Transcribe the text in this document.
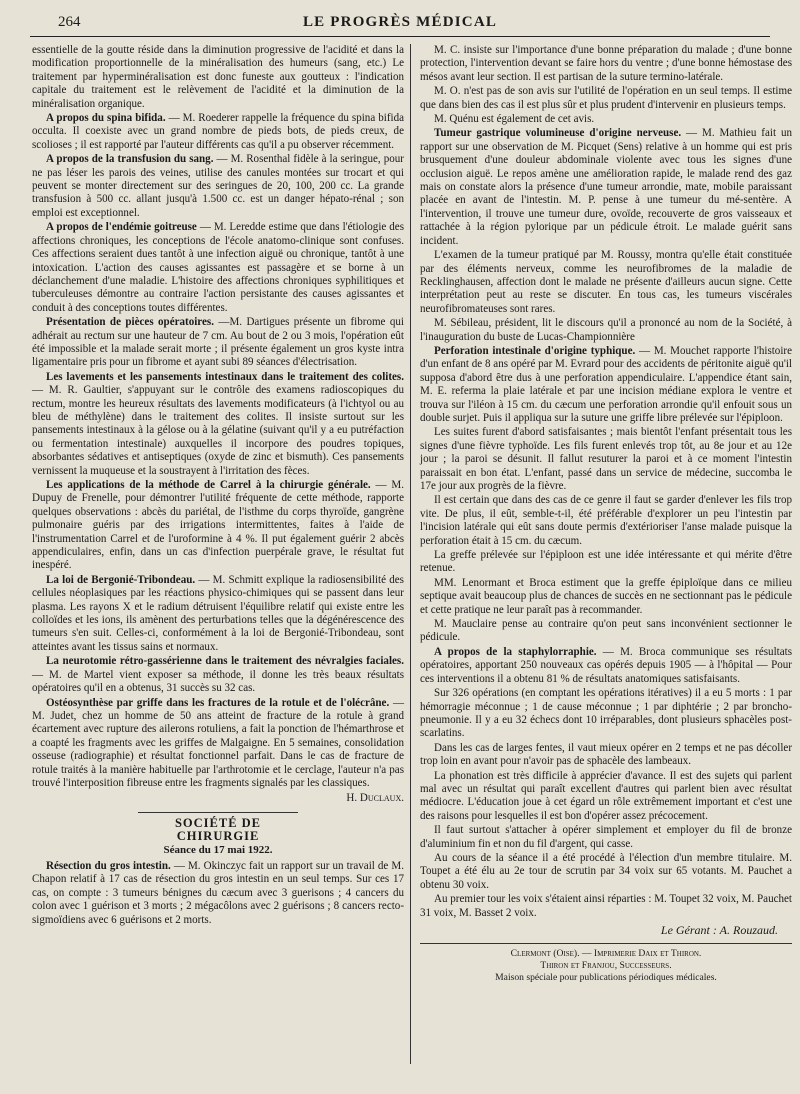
264	LE PROGRÈS MÉDICAL

essentielle de la goutte réside dans la diminution progressive de l'acidité et dans la modification proportionnelle de la minéralisation des humeurs (sang, etc.) Le traitement par hyperminéralisation est donc funeste aux goutteux : l'indication capitale du traitement est le relèvement de l'acidité et la diminution de la minéralisation organique.

A propos du spina bifida. — M. Roederer rappelle la fréquence du spina bifida occulta. Il coexiste avec un grand nombre de pieds bots, de pieds creux, de scolioses ; il est rapporté par l'auteur différents cas qu'il a pu observer récemment.

A propos de la transfusion du sang. — M. Rosenthal fidèle à la seringue, pour ne pas léser les parois des veines, utilise des canules montées sur trocart et qui peuvent se monter directement sur des seringues de 20, 100, 200 cc. La grande transfusion à 500 cc. allant jusqu'à 1.500 cc. est un danger hépato-rénal ; son emploi est exceptionnel.

A propos de l'endémie goitreuse — M. Leredde estime que dans l'étiologie des affections chroniques, les conceptions de l'école anatomo-clinique sont confuses. Ces affections seraient dues tantôt à une infection aiguë ou chronique, tantôt à une intoxication. L'action des causes agissantes est passagère et se borne à un déclanchement d'une maladie. L'histoire des affections chroniques syphilitiques et tuberculeuses démontre au contraire l'action persistante des causes agissantes et conduit à des conceptions toutes différentes.

Présentation de pièces opératoires. —M. Dartigues présente un fibrome qui adhérait au rectum sur une hauteur de 7 cm. Au bout de 2 ou 3 mois, l'opération eût été impossible et la malade serait morte ; il présente également un gros kyste intra ligamentaire pris pour un fibrome et ayant subi 89 séances d'électrisation.

Les lavements et les pansements intestinaux dans le traitement des colites. — M. R. Gaultier, s'appuyant sur le contrôle des examens radioscopiques du rectum, montre les heureux résultats des lavements modificateurs (à l'ichtyol ou au bleu de méthylène) dans le traitement des colites. Il insiste surtout sur les pansements intestinaux à la gélose ou à la gélatine (suivant qu'il y a eu putréfaction ou fermentation intestinale) auxquelles il incorpore des poudres topiques, absorbantes sédatives et antiseptiques (oxyde de zinc et bismuth). Ces pansements vernissent la muqueuse et la soustrayent à l'irritation des fèces.

Les applications de la méthode de Carrel à la chirurgie générale. — M. Dupuy de Frenelle, pour démontrer l'utilité fréquente de cette méthode, rapporte quelques observations : abcès du pariétal, de l'isthme du corps thyroïde, gangrène pulmonaire guéris par des irrigations intermittentes, faites à l'aide de l'instrumentation Carrel et de l'uroformine à 4 %. Il put également guérir 2 abcès appendiculaires, enfin, dans un cas d'infection puerpérale grave, le résultat fut inespéré.

La loi de Bergonié-Tribondeau. — M. Schmitt explique la radiosensibilité des cellules néoplasiques par les réactions physico-chimiques qui se passent dans leur plasma. Les rayons X et le radium détruisent l'équilibre relatif qui existe entre les colloïdes et les ions, ils amènent des perturbations telles que la dégénérescence des tumeurs s'en suit. Celles-ci, conformément à la loi de Bergonié-Tribondeau, sont atteintes avant les tissus sains et normaux.

La neurotomie rétro-gassérienne dans le traitement des névralgies faciales. — M. de Martel vient exposer sa méthode, il donne les très beaux résultats opératoires qu'il en a obtenus, 31 succès su 32 cas.

Ostéosynthèse par griffe dans les fractures de la rotule et de l'olécrâne. — M. Judet, chez un homme de 50 ans atteint de fracture de la rotule à grand écartement avec rupture des ailerons rotuliens, a fait la ponction de l'hémarthrose et a coapté les fragments avec les griffes de Malgaigne. En 5 semaines, consolidation osseuse (radiographie) et résultat fonctionnel parfait. Dans le cas de fracture de rotule traités à la manière habituelle par l'arthrotomie et le cerclage, l'auteur n'a pas trouvé l'interposition fibreuse entre les fragments signalés par les classiques.

H. Duclaux.
SOCIÉTÉ DE CHIRURGIE
Séance du 17 mai 1922.

Résection du gros intestin. — M. Okinczyc fait un rapport sur un travail de M. Chapon relatif à 17 cas de résection du gros intestin en un seul temps. Sur ces 17 cas, on compte : 3 tumeurs bénignes du cæcum avec 3 guerisons ; 4 cancers du colon avec 1 guérison et 3 morts ; 2 mégacôlons avec 2 guérisons ; 8 cancers recto-sigmoïdiens avec 6 guérisons et 2 morts.

M. C. insiste sur l'importance d'une bonne préparation du malade ; d'une bonne protection, l'intervention devant se faire hors du ventre ; d'une bonne hémostase des mésos avant leur section. Il est partisan de la suture termino-latérale.

M. O. n'est pas de son avis sur l'utilité de l'opération en un seul temps. Il estime que dans bien des cas il est plus sûr et plus prudent d'intervenir en plusieurs temps.

M. Quénu est également de cet avis.

Tumeur gastrique volumineuse d'origine nerveuse. — M. Mathieu fait un rapport sur une observation de M. Picquet (Sens) relative à un homme qui est pris brusquement d'une douleur abdominale violente avec tous les signes d'une occlusion aiguë. Le repos amène une amélioration rapide, le malade rend des gaz mais on constate alors la présence d'une tumeur arrondie, mate, mobile paraissant placée en avant de l'intestin. M. P. pense à une tumeur du mé-sentère. A l'intervention, il trouve une tumeur dure, ovoïde, recouverte de gros vaisseaux et rattachée à la région pylorique par un pédicule étroit. Le malade guérit sans incident.

L'examen de la tumeur pratiqué par M. Roussy, montra qu'elle était constituée par des éléments nerveux, comme les neurofibromes de la maladie de Recklinghausen, affection dont le malade ne présente d'ailleurs aucun signe. Cette interprétation peut au reste se discuter. En tous cas, les tumeurs viscérales neurofibromateuses sont rares.

M. Sébileau, président, lit le discours qu'il a prononcé au nom de la Société, à l'inauguration du buste de Lucas-Championnière

Perforation intestinale d'origine typhique. — M. Mouchet rapporte l'histoire d'un enfant de 8 ans opéré par M. Evrard pour des accidents de péritonite aiguë qu'il supposa d'abord être dus à une perforation appendiculaire. L'appendice étant sain, M. E. referma la plaie latérale et par une incision médiane explora le ventre et trouva sur l'iléon à 15 cm. du cæcum une perforation arrondie qu'il enfouit sous un double surjet. Puis il appliqua sur la suture une griffe libre prélevée sur l'épiploon.

Les suites furent d'abord satisfaisantes ; mais bientôt l'enfant présentait tous les signes d'une fièvre typhoïde. Les fils furent enlevés trop tôt, au 8e jour et au 12e jour ; la paroi se désunit. Il fallut resuturer la paroi et à ce moment l'intestin paraissait en bon état. L'enfant, passé dans un service de médecine, succomba le 17e jour aux progrès de la fièvre.

Il est certain que dans des cas de ce genre il faut se garder d'enlever les fils trop vite. De plus, il eût, semble-t-il, été préférable d'explorer un peu l'intestin par l'incision latérale qui eût sans doute permis d'extérioriser l'anse malade puisque la perforation était à 15 cm. du cæcum.

La greffe prélevée sur l'épiploon est une idée intéressante et qui mérite d'être retenue.

MM. Lenormant et Broca estiment que la greffe épiploïque dans ce milieu septique avait beaucoup plus de chances de succès en ne sectionnant pas le pédicule et cette pratique ne leur paraît pas à recommander.

M. Mauclaire pense au contraire qu'on peut sans inconvénient sectionner le pédicule.

A propos de la staphylorraphie. — M. Broca communique ses résultats opératoires, apportant 250 nouveaux cas opérés depuis 1905 — à l'hôpital — Pour ces interventions il a obtenu 81 % de résultats anatomiques satisfaisants.

Sur 326 opérations (en comptant les opérations itératives) il a eu 5 morts : 1 par hémorragie méconnue ; 1 de cause méconnue ; 1 par diphtérie ; 2 par broncho-pneumonie. Il y a eu 32 échecs dont 10 irréparables, dont plusieurs sphacèles post-scarlatins.

Dans les cas de larges fentes, il vaut mieux opérer en 2 temps et ne pas décoller trop loin en avant pour n'avoir pas de sphacèle des lambeaux.

La phonation est très difficile à apprécier d'avance. Il est des sujets qui parlent mal avec un résultat qui paraît excellent d'autres qui parlent bien avec résultat médiocre. L'éducation joue à cet égard un rôle extrêmement important et c'est une des raisons pour lesquelles il est bon d'opérer assez précocement.

Il faut surtout s'attacher à opérer simplement et employer du fil de bronze d'aluminium fin et non du fil d'argent, qui casse.

Au cours de la séance il a été procédé à l'élection d'un membre titulaire. M. Toupet a été élu au 2e tour de scrutin par 34 voix sur 65 votants. M. Pauchet a obtenu 30 voix.

Au premier tour les voix s'étaient ainsi réparties : M. Toupet 32 voix, M. Pauchet 31 voix, M. Basset 2 voix.

Le Gérant : A. Rouzaud.
Clermont (Oise). — Imprimerie Daix et Thiron.
Thiron et Franjou, Successeurs.
Maison spéciale pour publications périodiques médicales.
